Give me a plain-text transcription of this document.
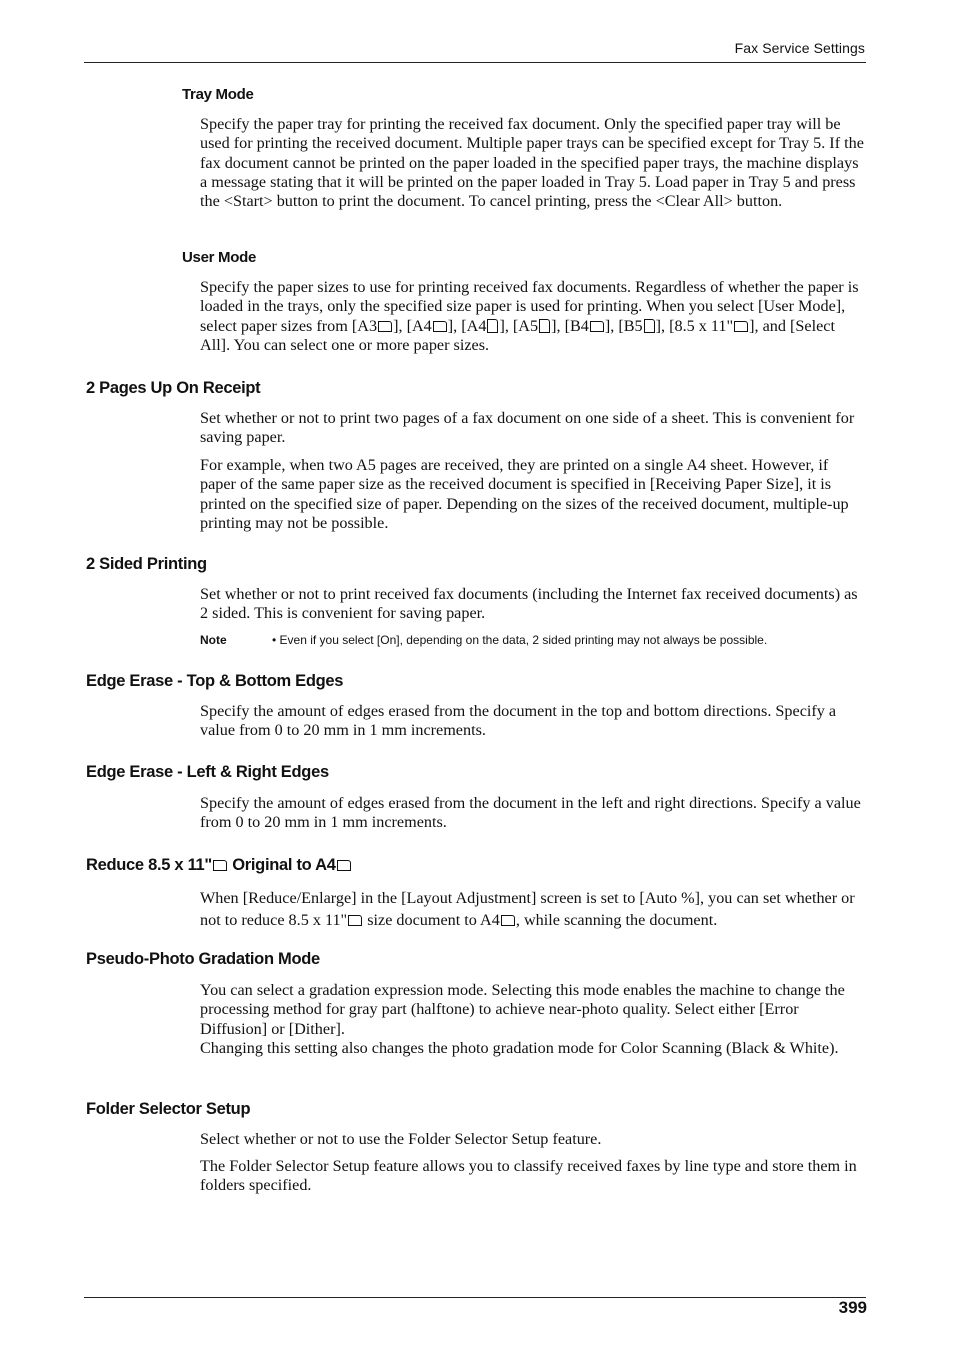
Fax Service Settings
Tray Mode

Specify the paper tray for printing the received fax document. Only the specified paper tray will be used for printing the received document. Multiple paper trays can be specified except for Tray 5. If the fax document cannot be printed on the paper loaded in the specified paper trays, the machine displays a message stating that it will be printed on the paper loaded in Tray 5. Load paper in Tray 5 and press the <Start> button to print the document. To cancel printing, press the <Clear All> button.

User Mode

Specify the paper sizes to use for printing received fax documents. Regardless of whether the paper is loaded in the trays, only the specified size paper is used for printing. When you select [User Mode], select paper sizes from [A3 ], [A4 ], [A4 ], [A5 ], [B4 ], [B5 ], [8.5 x 11" ], and [Select All]. You can select one or more paper sizes.

2 Pages Up On Receipt

Set whether or not to print two pages of a fax document on one side of a sheet. This is convenient for saving paper.

For example, when two A5 pages are received, they are printed on a single A4 sheet. However, if paper of the same paper size as the received document is specified in [Receiving Paper Size], it is printed on the specified size of paper. Depending on the sizes of the received document, multiple-up printing may not be possible.

2 Sided Printing

Set whether or not to print received fax documents (including the Internet fax received documents) as 2 sided. This is convenient for saving paper.

Note	• Even if you select [On], depending on the data, 2 sided printing may not always be possible.
Edge Erase - Top & Bottom Edges

Specify the amount of edges erased from the document in the top and bottom directions. Specify a value from 0 to 20 mm in 1 mm increments.

Edge Erase - Left & Right Edges

Specify the amount of edges erased from the document in the left and right directions. Specify a value from 0 to 20 mm in 1 mm increments.

Reduce 8.5 x 11" Original to A4

When [Reduce/Enlarge] in the [Layout Adjustment] screen is set to [Auto %], you can set whether or not to reduce 8.5 x 11" size document to A4 , while scanning the document.

Pseudo-Photo Gradation Mode

You can select a gradation expression mode. Selecting this mode enables the machine to change the processing method for gray part (halftone) to achieve near-photo quality. Select either [Error Diffusion] or [Dither].

Changing this setting also changes the photo gradation mode for Color Scanning (Black & White).

Folder Selector Setup

Select whether or not to use the Folder Selector Setup feature.

The Folder Selector Setup feature allows you to classify received faxes by line type and store them in folders specified.

399
